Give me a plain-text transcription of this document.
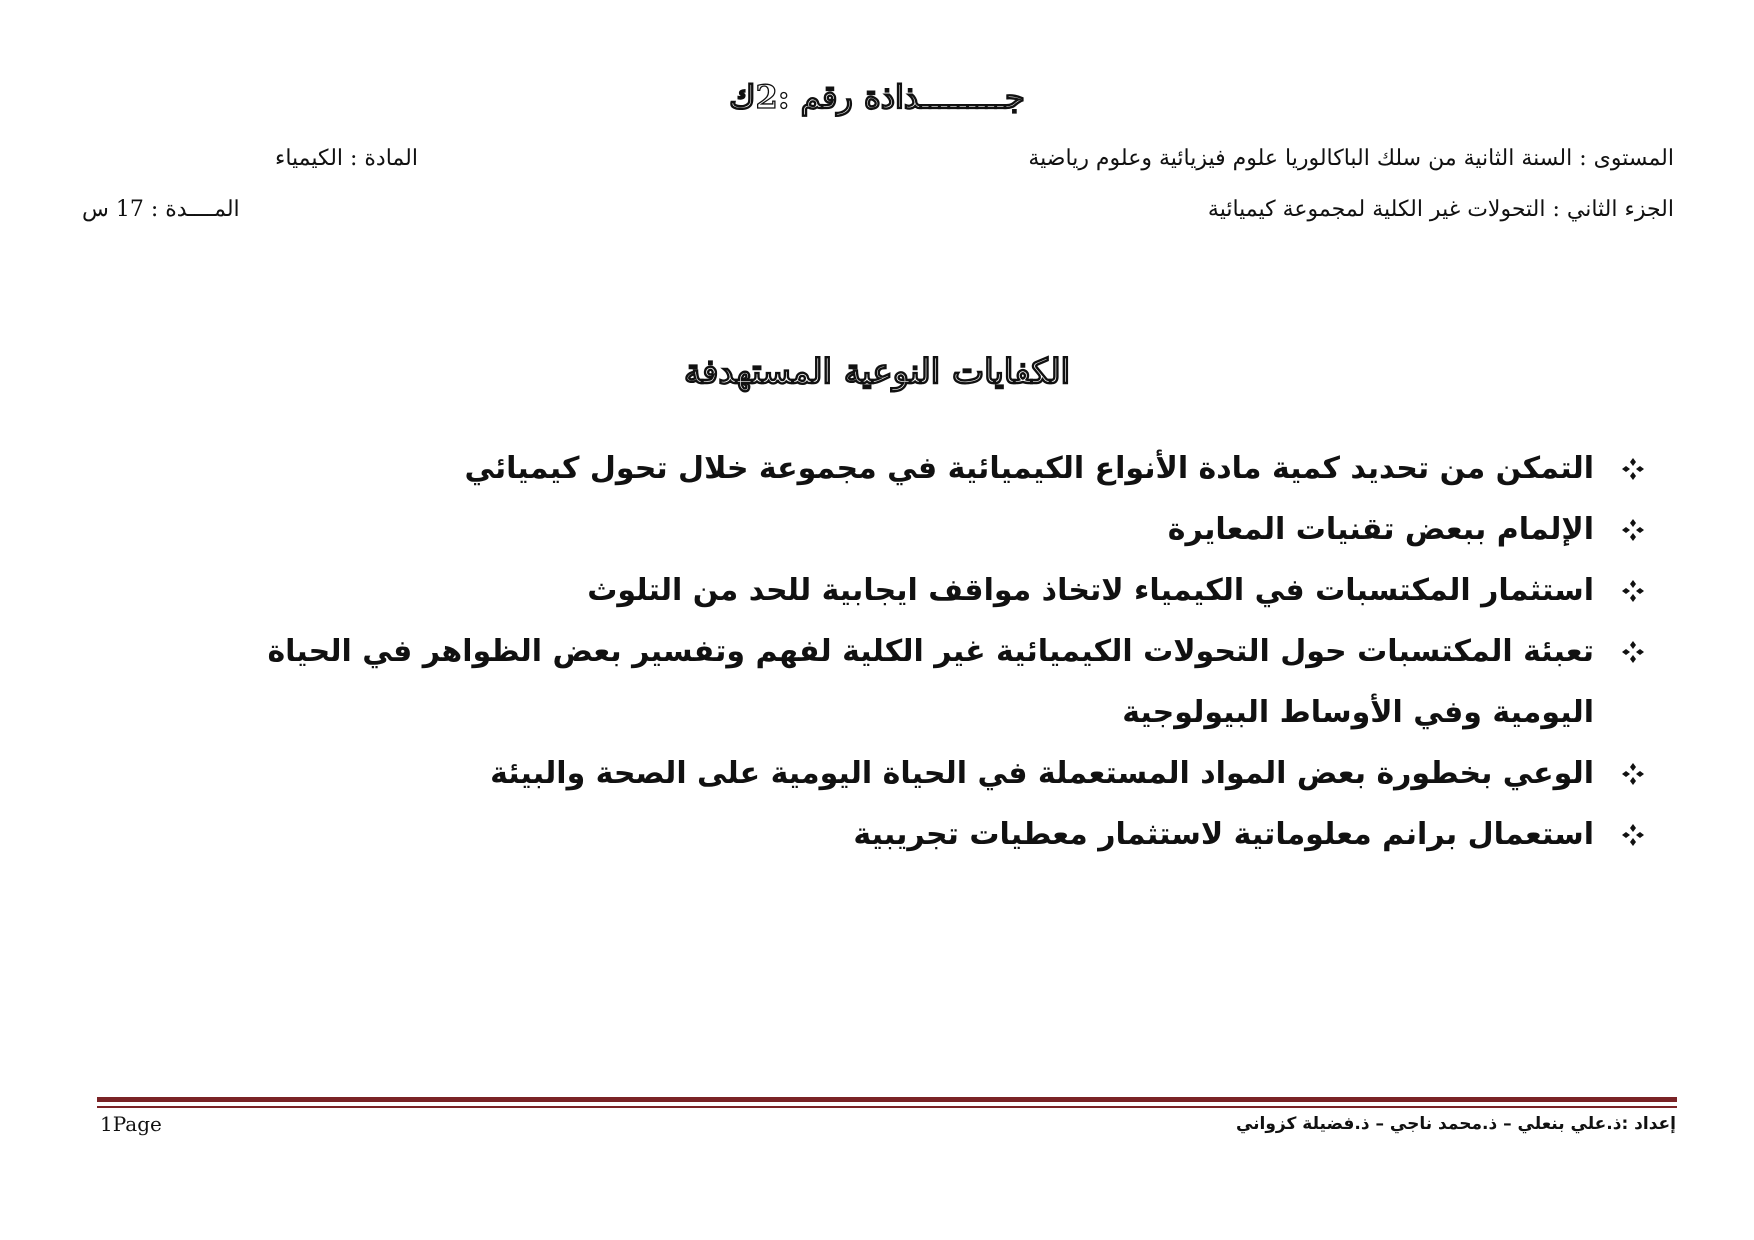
جـــــــــذاذة رقم :2ك
المستوى : السنة الثانية من سلك الباكالوريا علوم فيزيائية وعلوم رياضية
المادة : الكيمياء
الجزء الثاني : التحولات غير الكلية لمجموعة كيميائية
المــــدة : 17 س
الكفايات النوعية المستهدفة
التمكن من تحديد كمية مادة الأنواع الكيميائية في مجموعة خلال تحول كيميائي
الإلمام ببعض تقنيات المعايرة
استثمار المكتسبات في الكيمياء لاتخاذ مواقف ايجابية للحد من التلوث
تعبئة المكتسبات حول التحولات الكيميائية غير الكلية لفهم وتفسير بعض الظواهر في الحياة اليومية وفي الأوساط البيولوجية
الوعي بخطورة بعض المواد المستعملة في الحياة اليومية على الصحة والبيئة
استعمال برانم معلوماتية لاستثمار معطيات تجريبية
1Page	إعداد :ذ.علي بنعلي – ذ.محمد ناجي – ذ.فضيلة كزواني
